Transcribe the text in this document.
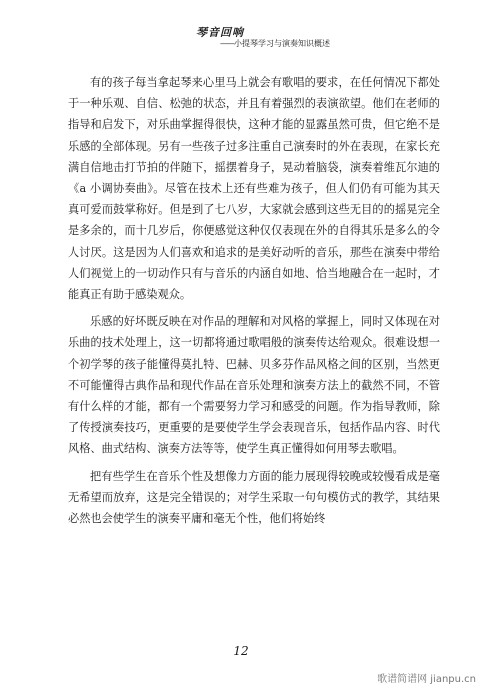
琴音回响
——小提琴学习与演奏知识概述

有的孩子每当拿起琴来心里马上就会有歌唱的要求，在任何情况下都处于一种乐观、自信、松弛的状态，并且有着强烈的表演欲望。他们在老师的指导和启发下，对乐曲掌握得很快，这种才能的显露虽然可贵，但它绝不是乐感的全部体现。另有一些孩子过多注重自己演奏时的外在表现，在家长充满自信地击打节拍的伴随下，摇摆着身子，晃动着脑袋，演奏着维瓦尔迪的《a 小调协奏曲》。尽管在技术上还有些难为孩子，但人们仍有可能为其天真可爱而鼓掌称好。但是到了七八岁，大家就会感到这些无目的的摇晃完全是多余的，而十几岁后，你便感觉这种仅仅表现在外的自得其乐是多么的令人讨厌。这是因为人们喜欢和追求的是美好动听的音乐，那些在演奏中带给人们视觉上的一切动作只有与音乐的内涵自如地、恰当地融合在一起时，才能真正有助于感染观众。

乐感的好坏既反映在对作品的理解和对风格的掌握上，同时又体现在对乐曲的技术处理上，这一切都将通过歌唱般的演奏传达给观众。很难设想一个初学琴的孩子能懂得莫扎特、巴赫、贝多芬作品风格之间的区别，当然更不可能懂得古典作品和现代作品在音乐处理和演奏方法上的截然不同，不管有什么样的才能，都有一个需要努力学习和感受的问题。作为指导教师，除了传授演奏技巧，更重要的是要使学生学会表现音乐，包括作品内容、时代风格、曲式结构、演奏方法等等，使学生真正懂得如何用琴去歌唱。

把有些学生在音乐个性及想像力方面的能力展现得较晚或较慢看成是毫无希望而放弃，这是完全错误的；对学生采取一句句模仿式的教学，其结果必然也会使学生的演奏平庸和毫无个性，他们将始终

12
歌谱简谱网 jianpu.cn
